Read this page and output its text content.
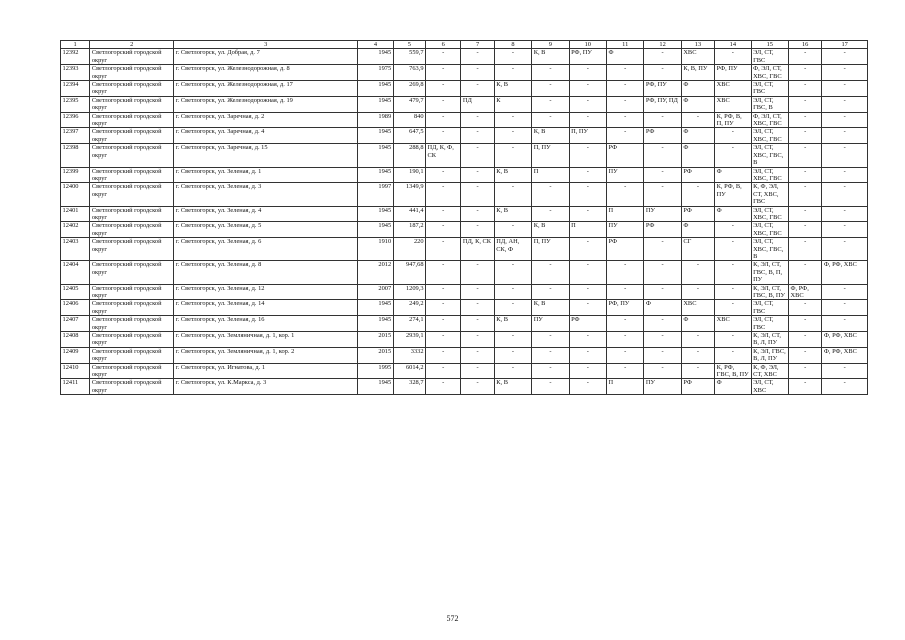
1	2	3	4	5	6	7	8	9	10	11	12	13	14	15	16	17
12392	Светлогорский городской округ	г. Светлогорск, ул. Добрая, д. 7	1945	559,7	-	-	-	К, В	РФ, ПУ	Ф	-	ХВС	-	ЭЛ, СТ, ГВС	-	-
12393	Светлогорский городской округ	г. Светлогорск, ул. Железнодорожная, д. 8	1975	763,9	-	-	-	-	-	-	-	К, В, ПУ	РФ, ПУ	Ф, ЭЛ, СТ, ХВС, ГВС	-	-
12394	Светлогорский городской округ	г. Светлогорск, ул. Железнодорожная, д. 17	1945	269,8	-	-	К, В	-	-	-	РФ, ПУ	Ф	ХВС	ЭЛ, СТ, ГВС	-	-
12395	Светлогорский городской округ	г. Светлогорск, ул. Железнодорожная, д. 19	1945	479,7	-	ПД	К	-	-	-	РФ, ПУ, ПД	Ф	ХВС	ЭЛ, СТ, ГВС, В	-	-
12396	Светлогорский городской округ	г. Светлогорск, ул. Заречная, д. 2	1989	840	-	-	-	-	-	-	-	-	К, РФ, В, П, ПУ	Ф, ЭЛ, СТ, ХВС, ГВС	-	-
12397	Светлогорский городской округ	г. Светлогорск, ул. Заречная, д. 4	1945	647,5	-	-	-	К, В	П, ПУ	-	РФ	Ф	-	ЭЛ, СТ, ХВС, ГВС	-	-
12398	Светлогорский городской округ	г. Светлогорск, ул. Заречная, д. 15	1945	288,8	ПД, К, Ф, СК	-	-	П, ПУ	-	РФ	-	Ф	-	ЭЛ, СТ, ХВС, ГВС, В	-	-
12399	Светлогорский городской округ	г. Светлогорск, ул. Зеленая, д. 1	1945	190,1	-	-	К, В	П	-	ПУ	-	РФ	Ф	ЭЛ, СТ, ХВС, ГВС	-	-
12400	Светлогорский городской округ	г. Светлогорск, ул. Зеленая, д. 3	1997	1349,9	-	-	-	-	-	-	-	-	К, РФ, В, ПУ	К, Ф, ЭЛ, СТ, ХВС, ГВС	-	-
12401	Светлогорский городской округ	г. Светлогорск, ул. Зеленая, д. 4	1945	441,4	-	-	К, В	-	-	П	ПУ	РФ	Ф	ЭЛ, СТ, ХВС, ГВС	-	-
12402	Светлогорский городской округ	г. Светлогорск, ул. Зеленая, д. 5	1945	187,2	-	-	-	К, В	П	ПУ	РФ	Ф	-	ЭЛ, СТ, ХВС, ГВС	-	-
12403	Светлогорский городской округ	г. Светлогорск, ул. Зеленая, д. 6	1910	220	-	ПД, К, СК	ПД, АН, СК, Ф	П, ПУ	-	РФ	-	СГ	-	ЭЛ, СТ, ХВС, ГВС, В	-	-
12404	Светлогорский городской округ	г. Светлогорск, ул. Зеленая, д. 8	2012	947,68	-	-	-	-	-	-	-	-	-	К, ЭЛ, СТ, ГВС, В, П, ПУ	-	Ф, РФ, ХВС
12405	Светлогорский городской округ	г. Светлогорск, ул. Зеленая, д. 12	2007	1209,3	-	-	-	-	-	-	-	-	-	К, ЭЛ, СТ, ГВС, В, ПУ	Ф, РФ, ХВС	-
12406	Светлогорский городской округ	г. Светлогорск, ул. Зеленая, д. 14	1945	249,2	-	-	-	К, В	-	РФ, ПУ	Ф	ХВС	-	ЭЛ, СТ, ГВС	-	-
12407	Светлогорский городской округ	г. Светлогорск, ул. Зеленая, д. 16	1945	274,1	-	-	К, В	ПУ	РФ	-	-	Ф	ХВС	ЭЛ, СТ, ГВС	-	-
12408	Светлогорский городской округ	г. Светлогорск, ул. Земляничная, д. 1, кор. 1	2015	2939,1	-	-	-	-	-	-	-	-	-	К, ЭЛ, СТ, В, Л, ПУ	-	Ф, РФ, ХВС
12409	Светлогорский городской округ	г. Светлогорск, ул. Земляничная, д. 1, кор. 2	2015	3332	-	-	-	-	-	-	-	-	-	К, ЭЛ, ГВС, В, Л, ПУ	-	Ф, РФ, ХВС
12410	Светлогорский городской округ	г. Светлогорск, ул. Игнатова, д. 1	1995	6014,2	-	-	-	-	-	-	-	-	К, РФ, ГВС, В, ПУ	К, Ф, ЭЛ, СТ, ХВС	-	-
12411	Светлогорский городской округ	г. Светлогорск, ул. К.Маркса, д. 3	1945	328,7	-	-	К, В	-	-	П	ПУ	РФ	Ф	ЭЛ, СТ, ХВС	-	-
572
